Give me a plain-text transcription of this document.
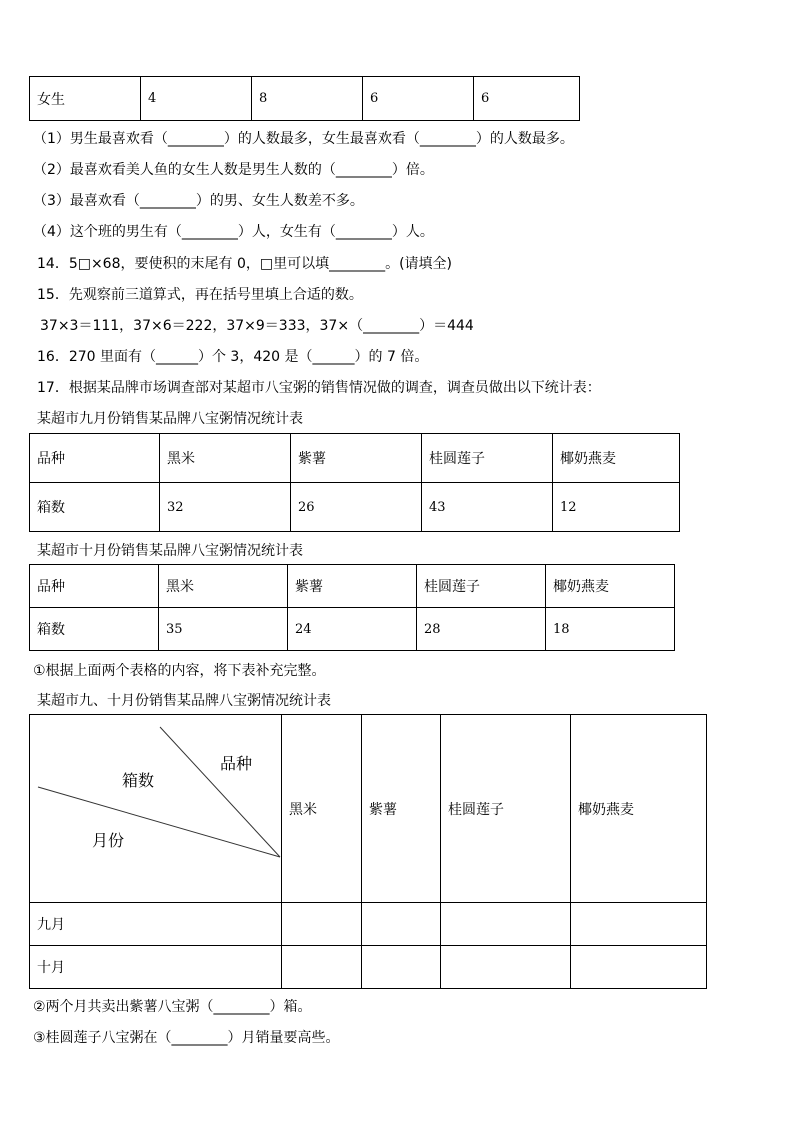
女生	4	8	6	6
（1）男生最喜欢看（________）的人数最多，女生最喜欢看（________）的人数最多。
（2）最喜欢看美人鱼的女生人数是男生人数的（________）倍。
（3）最喜欢看（________）的男、女生人数差不多。
（4）这个班的男生有（________）人，女生有（________）人。
14．5□×68，要使积的末尾有 0，□里可以填________。(请填全)
15．先观察前三道算式，再在括号里填上合适的数。
37×3＝111，37×6＝222，37×9＝333，37×（________）＝444
16．270 里面有（______）个 3，420 是（______）的 7 倍。
17．根据某品牌市场调查部对某超市八宝粥的销售情况做的调查，调查员做出以下统计表：
某超市九月份销售某品牌八宝粥情况统计表
品种	黑米	紫薯	桂圆莲子	椰奶燕麦
箱数	32	26	43	12
某超市十月份销售某品牌八宝粥情况统计表
品种	黑米	紫薯	桂圆莲子	椰奶燕麦
箱数	35	24	28	18
①根据上面两个表格的内容，将下表补充完整。
某超市九、十月份销售某品牌八宝粥情况统计表
品种
箱数
月份	黑米	紫薯	桂圆莲子	椰奶燕麦
九月				
十月				
②两个月共卖出紫薯八宝粥（________）箱。
③桂圆莲子八宝粥在（________）月销量要高些。
